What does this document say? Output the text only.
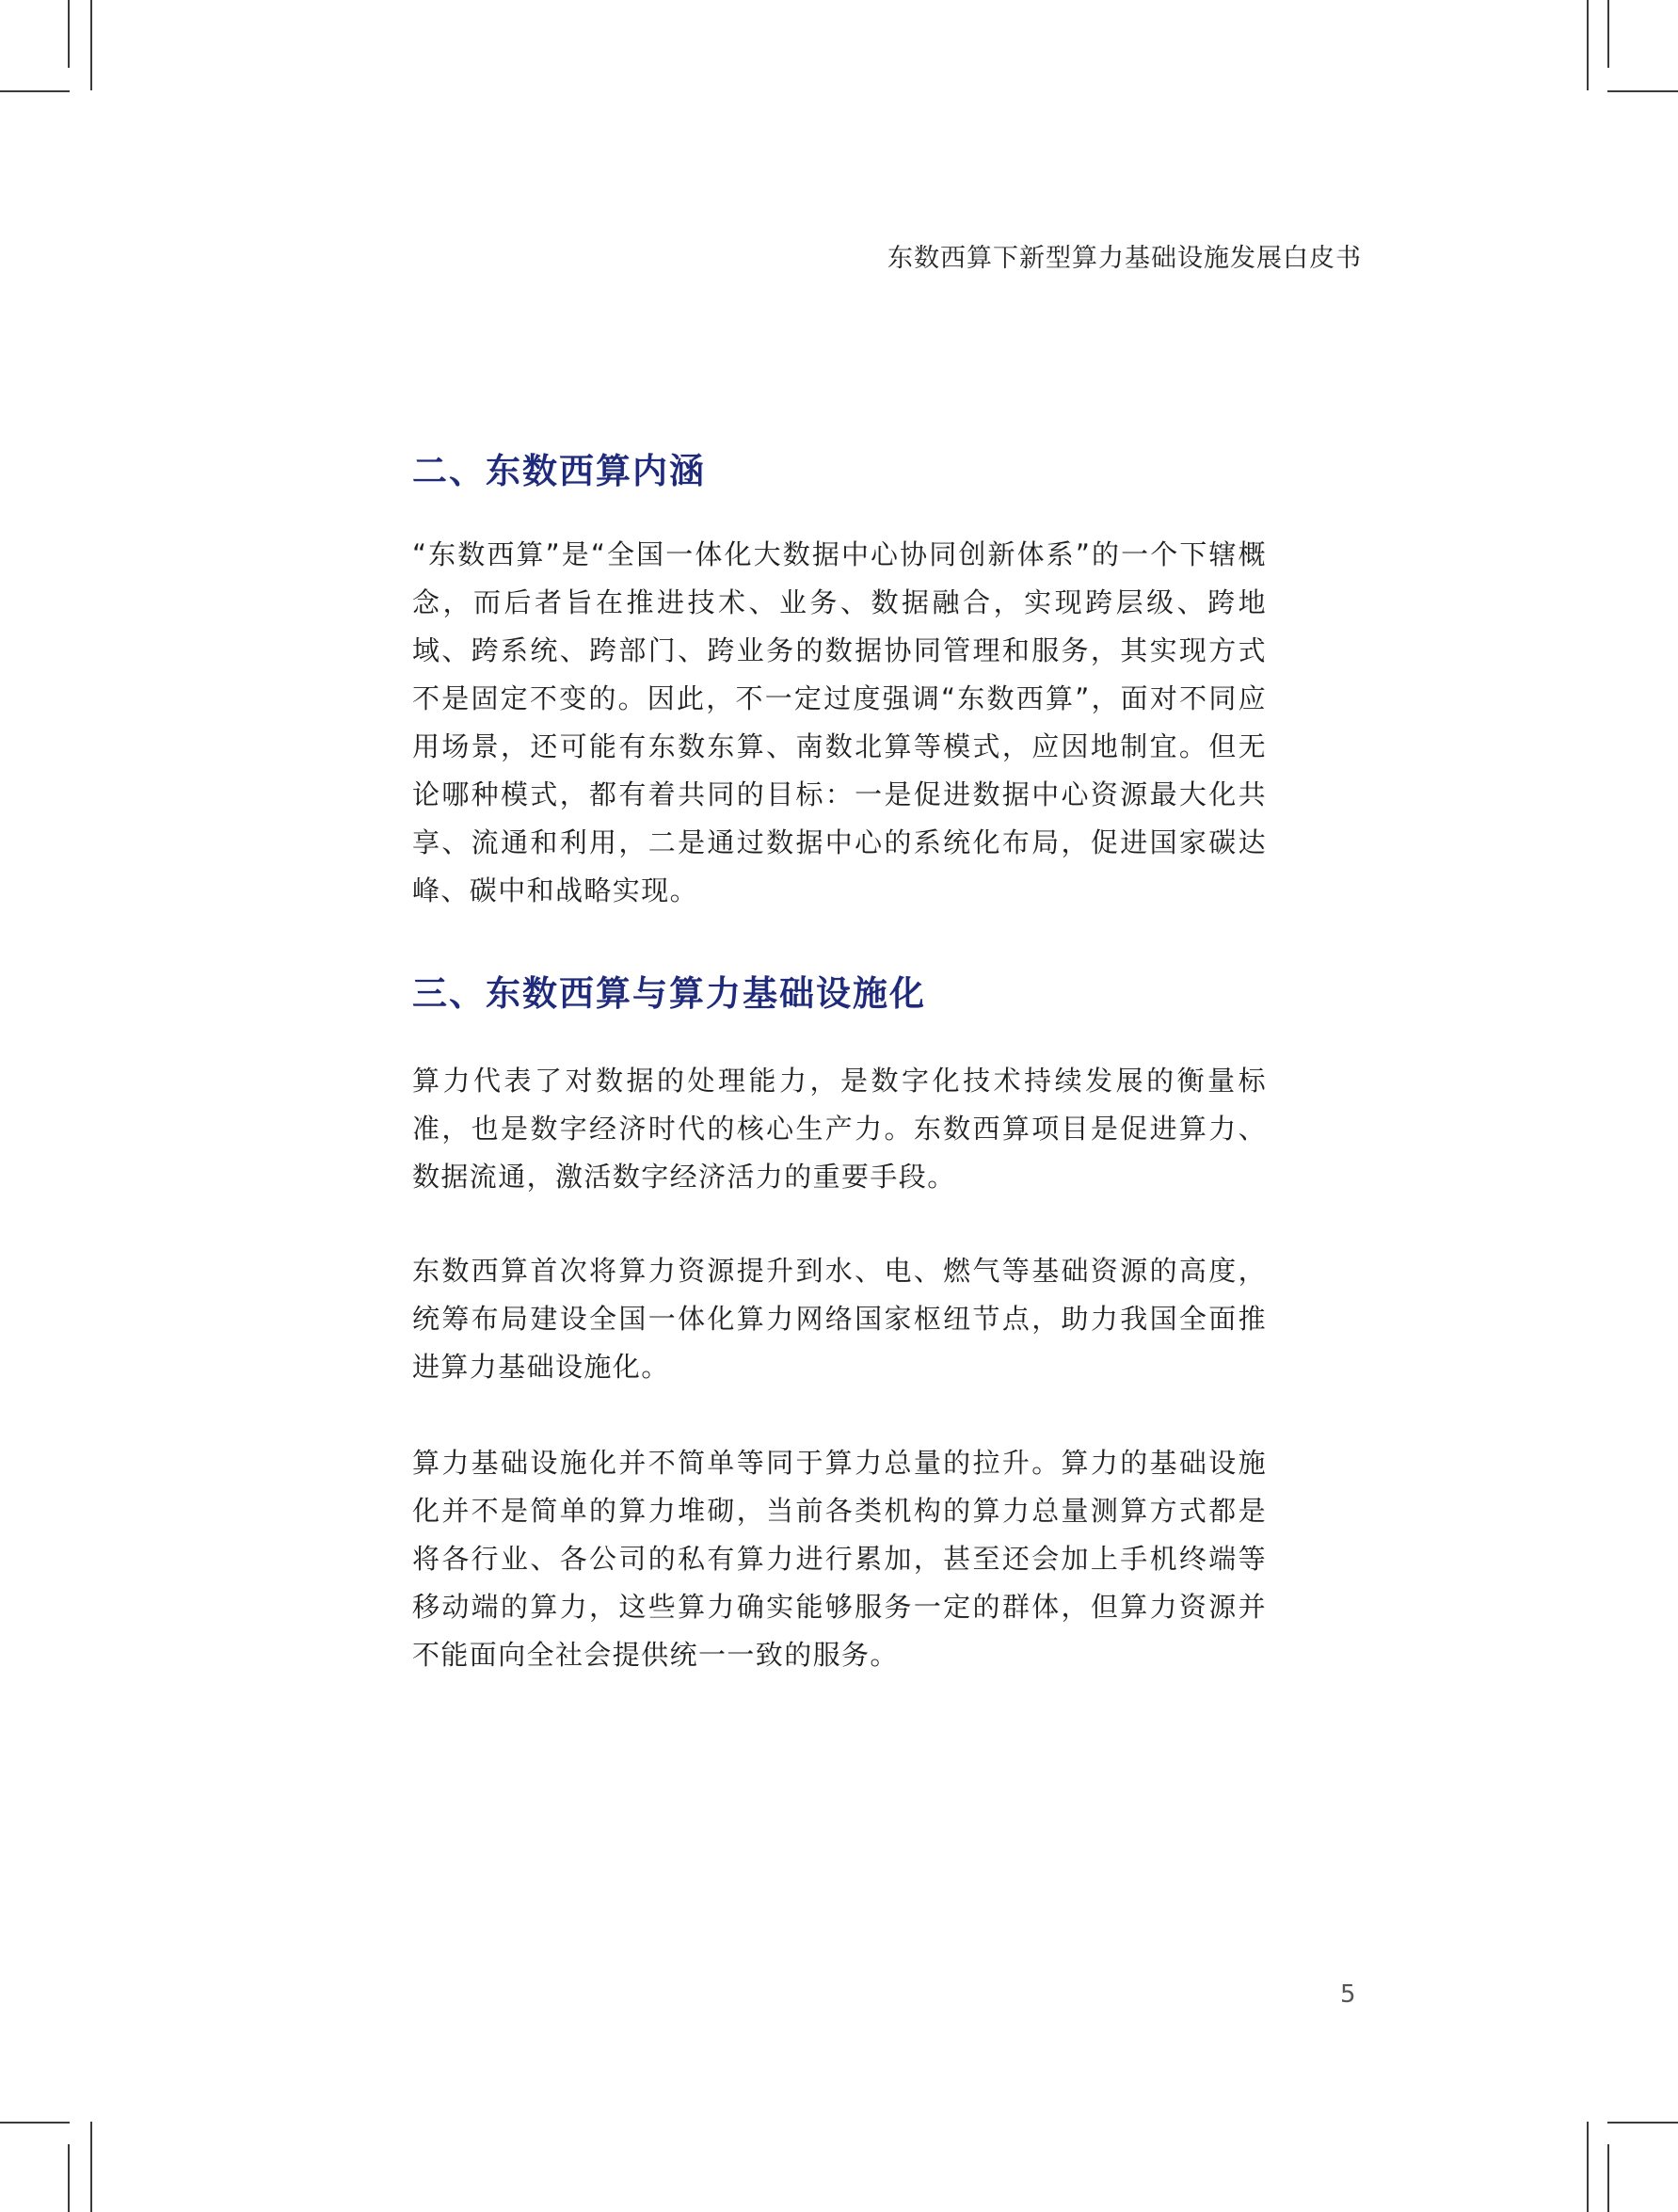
东数西算下新型算力基础设施发展白皮书
二、东数西算内涵
“东数西算”是“全国一体化大数据中心协同创新体系”的一个下辖概念，而后者旨在推进技术、业务、数据融合，实现跨层级、跨地域、跨系统、跨部门、跨业务的数据协同管理和服务，其实现方式不是固定不变的。因此，不一定过度强调“东数西算”，面对不同应用场景，还可能有东数东算、南数北算等模式，应因地制宜。但无论哪种模式，都有着共同的目标：一是促进数据中心资源最大化共享、流通和利用，二是通过数据中心的系统化布局，促进国家碳达峰、碳中和战略实现。
三、东数西算与算力基础设施化
算力代表了对数据的处理能力，是数字化技术持续发展的衡量标准，也是数字经济时代的核心生产力。东数西算项目是促进算力、数据流通，激活数字经济活力的重要手段。
东数西算首次将算力资源提升到水、电、燃气等基础资源的高度，统筹布局建设全国一体化算力网络国家枢纽节点，助力我国全面推进算力基础设施化。
算力基础设施化并不简单等同于算力总量的拉升。算力的基础设施化并不是简单的算力堆砌，当前各类机构的算力总量测算方式都是将各行业、各公司的私有算力进行累加，甚至还会加上手机终端等移动端的算力，这些算力确实能够服务一定的群体，但算力资源并不能面向全社会提供统一一致的服务。
5
